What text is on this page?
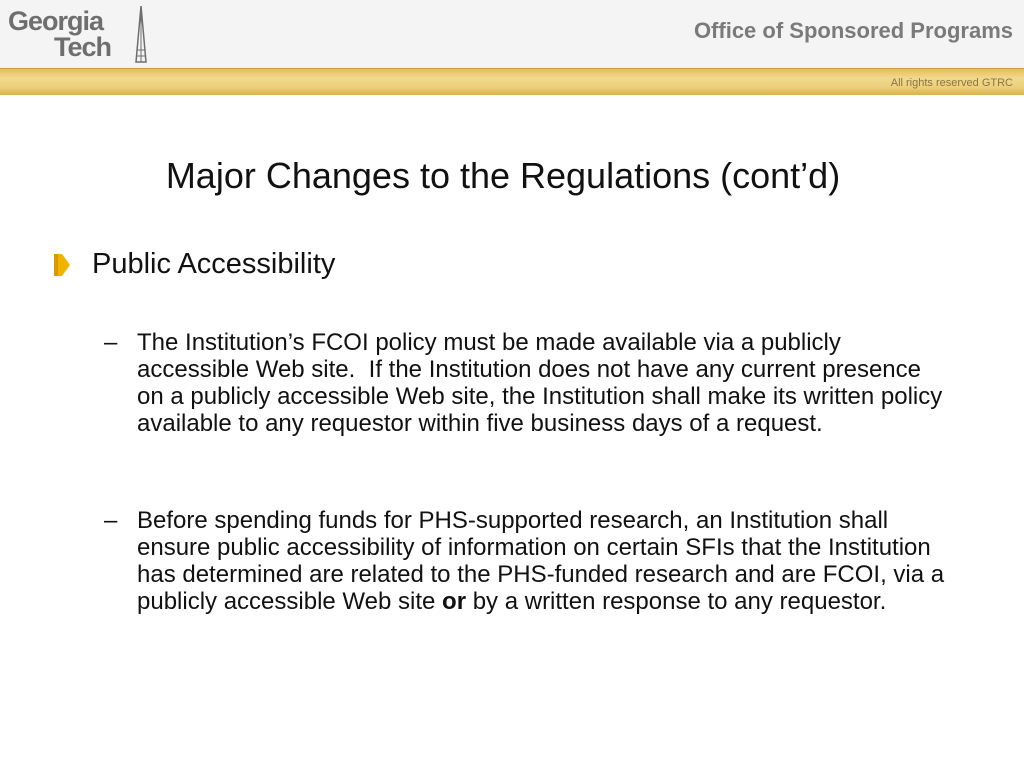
Georgia
Tech
Office of Sponsored Programs
All rights reserved GTRC
Major Changes to the Regulations (cont’d)
Public Accessibility
– The Institution’s FCOI policy must be made available via a publicly accessible Web site.  If the Institution does not have any current presence on a publicly accessible Web site, the Institution shall make its written policy available to any requestor within five business days of a request.
– Before spending funds for PHS-supported research, an Institution shall ensure public accessibility of information on certain SFIs that the Institution has determined are related to the PHS-funded research and are FCOI, via a publicly accessible Web site or by a written response to any requestor.
